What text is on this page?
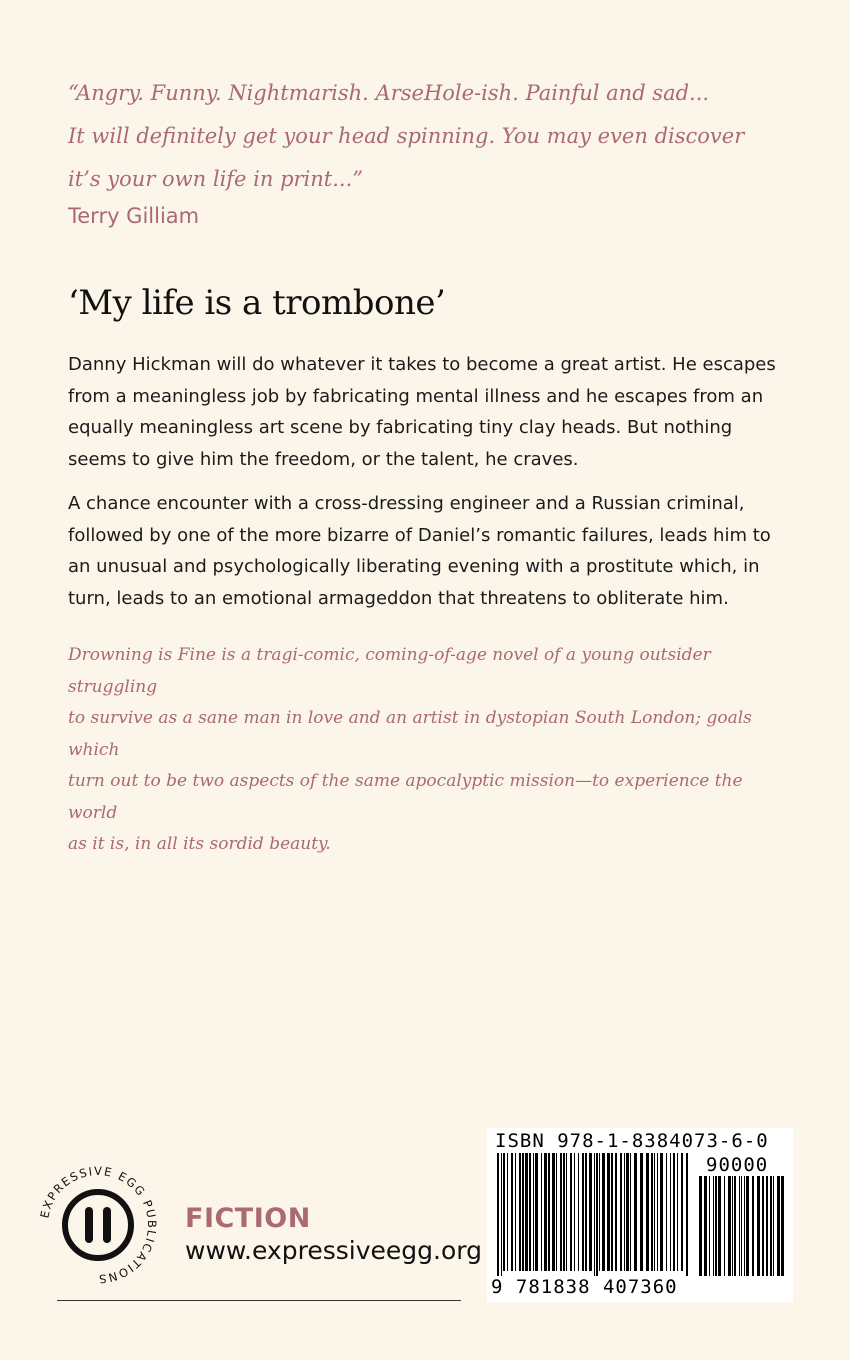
“Angry. Funny. Nightmarish. ArseHole-ish. Painful and sad...

It will definitely get your head spinning. You may even discover

it’s your own life in print...”

Terry Gilliam
‘My life is a trombone’

Danny Hickman will do whatever it takes to become a great artist. He escapes from a meaningless job by fabricating mental illness and he escapes from an equally meaningless art scene by fabricating tiny clay heads. But nothing seems to give him the freedom, or the talent, he craves.

A chance encounter with a cross-dressing engineer and a Russian criminal, followed by one of the more bizarre of Daniel’s romantic failures, leads him to an unusual and psychologically liberating evening with a prostitute which, in turn, leads to an emotional armageddon that threatens to obliterate him.

Drowning is Fine is a tragi-comic, coming-of-age novel of a young outsider struggling

to survive as a sane man in love and an artist in dystopian South London; goals which

turn out to be two aspects of the same apocalyptic mission—to experience the world

as it is, in all its sordid beauty.

EXPRESSIVE EGG PUBLICATIONS
FICTION
www.expressiveegg.org
ISBN 978-1-8384073-6-0
90000
9 781838 407360
